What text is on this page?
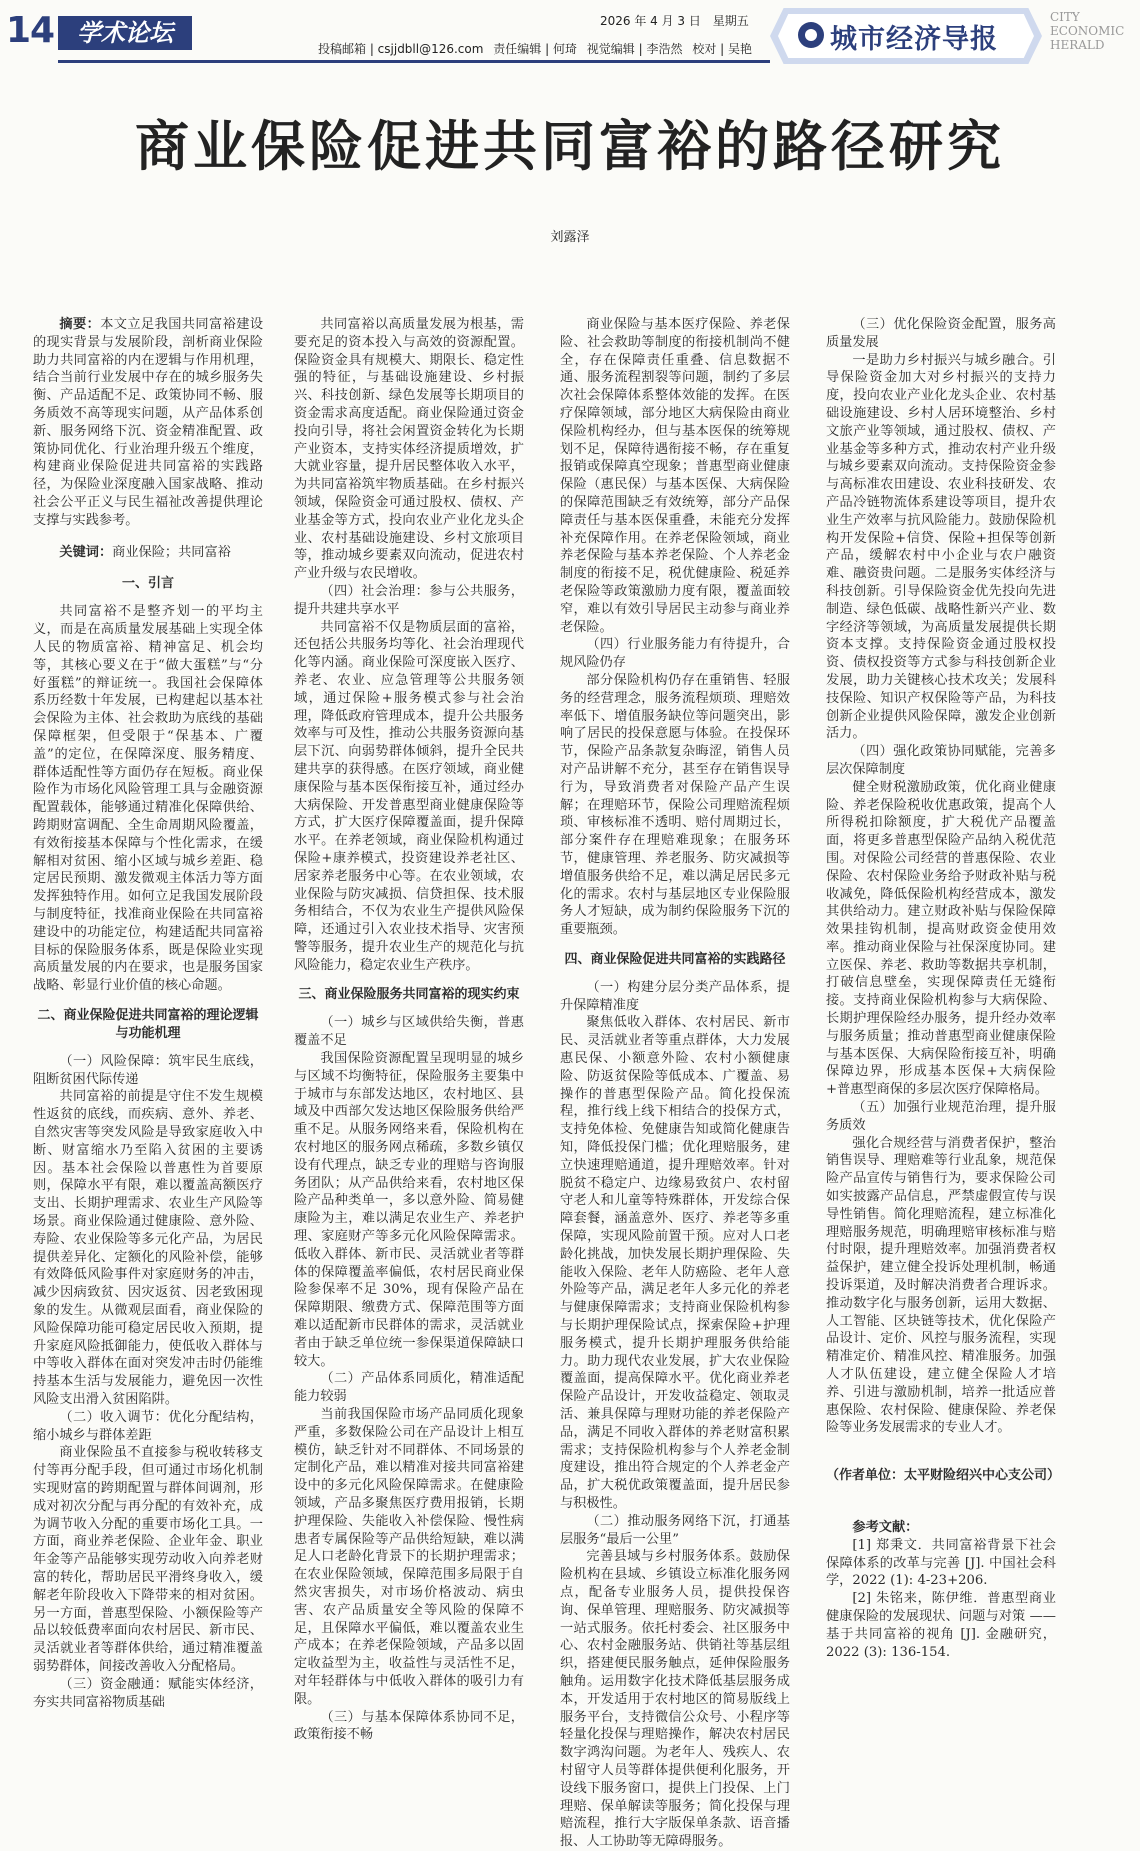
14 学术论坛	2026 年 4 月 3 日 星期五
投稿邮箱 | csjjdbll@126.com 责任编辑 | 何琦 视觉编辑 | 李浩然 校对 | 吴艳	城市经济导报
CITY
ECONOMIC
HERALD
商业保险促进共同富裕的路径研究
刘露泽

摘要：本文立足我国共同富裕建设的现实背景与发展阶段，剖析商业保险助力共同富裕的内在逻辑与作用机理，结合当前行业发展中存在的城乡服务失衡、产品适配不足、政策协同不畅、服务质效不高等现实问题，从产品体系创新、服务网络下沉、资金精准配置、政策协同优化、行业治理升级五个维度，构建商业保险促进共同富裕的实践路径，为保险业深度融入国家战略、推动社会公平正义与民生福祉改善提供理论支撑与实践参考。

关键词：商业保险；共同富裕

一、引言

共同富裕不是整齐划一的平均主义，而是在高质量发展基础上实现全体人民的物质富裕、精神富足、机会均等，其核心要义在于“做大蛋糕”与“分好蛋糕”的辩证统一。我国社会保障体系历经数十年发展，已构建起以基本社会保险为主体、社会救助为底线的基础保障框架，但受限于“保基本、广覆盖”的定位，在保障深度、服务精度、群体适配性等方面仍存在短板。商业保险作为市场化风险管理工具与金融资源配置载体，能够通过精准化保障供给、跨期财富调配、全生命周期风险覆盖，有效衔接基本保障与个性化需求，在缓解相对贫困、缩小区域与城乡差距、稳定居民预期、激发微观主体活力等方面发挥独特作用。如何立足我国发展阶段与制度特征，找准商业保险在共同富裕建设中的功能定位，构建适配共同富裕目标的保险服务体系，既是保险业实现高质量发展的内在要求，也是服务国家战略、彰显行业价值的核心命题。

二、商业保险促进共同富裕的理论逻辑与功能机理
（一）风险保障：筑牢民生底线，阻断贫困代际传递

共同富裕的前提是守住不发生规模性返贫的底线，而疾病、意外、养老、自然灾害等突发风险是导致家庭收入中断、财富缩水乃至陷入贫困的主要诱因。基本社会保险以普惠性为首要原则，保障水平有限，难以覆盖高额医疗支出、长期护理需求、农业生产风险等场景。商业保险通过健康险、意外险、寿险、农业保险等多元化产品，为居民提供差异化、定额化的风险补偿，能够有效降低风险事件对家庭财务的冲击，减少因病致贫、因灾返贫、因老致困现象的发生。从微观层面看，商业保险的风险保障功能可稳定居民收入预期，提升家庭风险抵御能力，使低收入群体与中等收入群体在面对突发冲击时仍能维持基本生活与发展能力，避免因一次性风险支出滑入贫困陷阱。

（二）收入调节：优化分配结构，缩小城乡与群体差距

商业保险虽不直接参与税收转移支付等再分配手段，但可通过市场化机制实现财富的跨期配置与群体间调剂，形成对初次分配与再分配的有效补充，成为调节收入分配的重要市场化工具。一方面，商业养老保险、企业年金、职业年金等产品能够实现劳动收入向养老财富的转化，帮助居民平滑终身收入，缓解老年阶段收入下降带来的相对贫困。另一方面，普惠型保险、小额保险等产品以较低费率面向农村居民、新市民、灵活就业者等群体供给，通过精准覆盖弱势群体，间接改善收入分配格局。

（三）资金融通：赋能实体经济，夯实共同富裕物质基础

共同富裕以高质量发展为根基，需要充足的资本投入与高效的资源配置。保险资金具有规模大、期限长、稳定性强的特征，与基础设施建设、乡村振兴、科技创新、绿色发展等长期项目的资金需求高度适配。商业保险通过资金投向引导，将社会闲置资金转化为长期产业资本，支持实体经济提质增效，扩大就业容量，提升居民整体收入水平，为共同富裕筑牢物质基础。在乡村振兴领域，保险资金可通过股权、债权、产业基金等方式，投向农业产业化龙头企业、农村基础设施建设、乡村文旅项目等，推动城乡要素双向流动，促进农村产业升级与农民增收。

（四）社会治理：参与公共服务，提升共建共享水平

共同富裕不仅是物质层面的富裕，还包括公共服务均等化、社会治理现代化等内涵。商业保险可深度嵌入医疗、养老、农业、应急管理等公共服务领域，通过保险+服务模式参与社会治理，降低政府管理成本，提升公共服务效率与可及性，推动公共服务资源向基层下沉、向弱势群体倾斜，提升全民共建共享的获得感。在医疗领域，商业健康保险与基本医保衔接互补，通过经办大病保险、开发普惠型商业健康保险等方式，扩大医疗保障覆盖面，提升保障水平。在养老领域，商业保险机构通过保险+康养模式，投资建设养老社区、居家养老服务中心等。在农业领域，农业保险与防灾减损、信贷担保、技术服务相结合，不仅为农业生产提供风险保障，还通过引入农业技术指导、灾害预警等服务，提升农业生产的规范化与抗风险能力，稳定农业生产秩序。

三、商业保险服务共同富裕的现实约束
（一）城乡与区域供给失衡，普惠覆盖不足

我国保险资源配置呈现明显的城乡与区域不均衡特征，保险服务主要集中于城市与东部发达地区，农村地区、县域及中西部欠发达地区保险服务供给严重不足。从服务网络来看，保险机构在农村地区的服务网点稀疏，多数乡镇仅设有代理点，缺乏专业的理赔与咨询服务团队；从产品供给来看，农村地区保险产品种类单一，多以意外险、简易健康险为主，难以满足农业生产、养老护理、家庭财产等多元化风险保障需求。低收入群体、新市民、灵活就业者等群体的保障覆盖率偏低，农村居民商业保险参保率不足 30%，现有保险产品在保障期限、缴费方式、保障范围等方面难以适配新市民群体的需求，灵活就业者由于缺乏单位统一参保渠道保障缺口较大。

（二）产品体系同质化，精准适配能力较弱

当前我国保险市场产品同质化现象严重，多数保险公司在产品设计上相互模仿，缺乏针对不同群体、不同场景的定制化产品，难以精准对接共同富裕建设中的多元化风险保障需求。在健康险领域，产品多聚焦医疗费用报销，长期护理保险、失能收入补偿保险、慢性病患者专属保险等产品供给短缺，难以满足人口老龄化背景下的长期护理需求；在农业保险领域，保障范围多局限于自然灾害损失，对市场价格波动、病虫害、农产品质量安全等风险的保障不足，且保障水平偏低，难以覆盖农业生产成本；在养老保险领域，产品多以固定收益型为主，收益性与灵活性不足，对年轻群体与中低收入群体的吸引力有限。

（三）与基本保障体系协同不足，政策衔接不畅

商业保险与基本医疗保险、养老保险、社会救助等制度的衔接机制尚不健全，存在保障责任重叠、信息数据不通、服务流程割裂等问题，制约了多层次社会保障体系整体效能的发挥。在医疗保障领域，部分地区大病保险由商业保险机构经办，但与基本医保的统筹规划不足，保障待遇衔接不畅，存在重复报销或保障真空现象；普惠型商业健康保险（惠民保）与基本医保、大病保险的保障范围缺乏有效统筹，部分产品保障责任与基本医保重叠，未能充分发挥补充保障作用。在养老保险领域，商业养老保险与基本养老保险、个人养老金制度的衔接不足，税优健康险、税延养老保险等政策激励力度有限，覆盖面较窄，难以有效引导居民主动参与商业养老保险。

（四）行业服务能力有待提升，合规风险仍存

部分保险机构仍存在重销售、轻服务的经营理念，服务流程烦琐、理赔效率低下、增值服务缺位等问题突出，影响了居民的投保意愿与体验。在投保环节，保险产品条款复杂晦涩，销售人员对产品讲解不充分，甚至存在销售误导行为，导致消费者对保险产品产生误解；在理赔环节，保险公司理赔流程烦琐、审核标准不透明、赔付周期过长，部分案件存在理赔难现象；在服务环节，健康管理、养老服务、防灾减损等增值服务供给不足，难以满足居民多元化的需求。农村与基层地区专业保险服务人才短缺，成为制约保险服务下沉的重要瓶颈。

四、商业保险促进共同富裕的实践路径
（一）构建分层分类产品体系，提升保障精准度

聚焦低收入群体、农村居民、新市民、灵活就业者等重点群体，大力发展惠民保、小额意外险、农村小额健康险、防返贫保险等低成本、广覆盖、易操作的普惠型保险产品。简化投保流程，推行线上线下相结合的投保方式，支持免体检、免健康告知或简化健康告知，降低投保门槛；优化理赔服务，建立快速理赔通道，提升理赔效率。针对脱贫不稳定户、边缘易致贫户、农村留守老人和儿童等特殊群体，开发综合保障套餐，涵盖意外、医疗、养老等多重保障，实现风险前置干预。应对人口老龄化挑战，加快发展长期护理保险、失能收入保险、老年人防癌险、老年人意外险等产品，满足老年人多元化的养老与健康保障需求；支持商业保险机构参与长期护理保险试点，探索保险+护理服务模式，提升长期护理服务供给能力。助力现代农业发展，扩大农业保险覆盖面，提高保障水平。优化商业养老保险产品设计，开发收益稳定、领取灵活、兼具保障与理财功能的养老保险产品，满足不同收入群体的养老财富积累需求；支持保险机构参与个人养老金制度建设，推出符合规定的个人养老金产品，扩大税优政策覆盖面，提升居民参与积极性。

（二）推动服务网络下沉，打通基层服务“最后一公里”

完善县域与乡村服务体系。鼓励保险机构在县域、乡镇设立标准化服务网点，配备专业服务人员，提供投保咨询、保单管理、理赔服务、防灾减损等一站式服务。依托村委会、社区服务中心、农村金融服务站、供销社等基层组织，搭建便民服务触点，延伸保险服务触角。运用数字化技术降低基层服务成本，开发适用于农村地区的简易版线上服务平台，支持微信公众号、小程序等轻量化投保与理赔操作，解决农村居民数字鸿沟问题。为老年人、残疾人、农村留守人员等群体提供便利化服务，开设线下服务窗口，提供上门投保、上门理赔、保单解读等服务；简化投保与理赔流程，推行大字版保单条款、语音播报、人工协助等无障碍服务。

（三）优化保险资金配置，服务高质量发展

一是助力乡村振兴与城乡融合。引导保险资金加大对乡村振兴的支持力度，投向农业产业化龙头企业、农村基础设施建设、乡村人居环境整治、乡村文旅产业等领域，通过股权、债权、产业基金等多种方式，推动农村产业升级与城乡要素双向流动。支持保险资金参与高标准农田建设、农业科技研发、农产品冷链物流体系建设等项目，提升农业生产效率与抗风险能力。鼓励保险机构开发保险+信贷、保险+担保等创新产品，缓解农村中小企业与农户融资难、融资贵问题。二是服务实体经济与科技创新。引导保险资金优先投向先进制造、绿色低碳、战略性新兴产业、数字经济等领域，为高质量发展提供长期资本支撑。支持保险资金通过股权投资、债权投资等方式参与科技创新企业发展，助力关键核心技术攻关；发展科技保险、知识产权保险等产品，为科技创新企业提供风险保障，激发企业创新活力。

（四）强化政策协同赋能，完善多层次保障制度

健全财税激励政策，优化商业健康险、养老保险税收优惠政策，提高个人所得税扣除额度，扩大税优产品覆盖面，将更多普惠型保险产品纳入税优范围。对保险公司经营的普惠保险、农业保险、农村保险业务给予财政补贴与税收减免，降低保险机构经营成本，激发其供给动力。建立财政补贴与保险保障效果挂钩机制，提高财政资金使用效率。推动商业保险与社保深度协同。建立医保、养老、救助等数据共享机制，打破信息壁垒，实现保障责任无缝衔接。支持商业保险机构参与大病保险、长期护理保险经办服务，提升经办效率与服务质量；推动普惠型商业健康保险与基本医保、大病保险衔接互补，明确保障边界，形成基本医保+大病保险+普惠型商保的多层次医疗保障格局。

（五）加强行业规范治理，提升服务质效

强化合规经营与消费者保护，整治销售误导、理赔难等行业乱象，规范保险产品宣传与销售行为，要求保险公司如实披露产品信息，严禁虚假宣传与误导性销售。简化理赔流程，建立标准化理赔服务规范，明确理赔审核标准与赔付时限，提升理赔效率。加强消费者权益保护，建立健全投诉处理机制，畅通投诉渠道，及时解决消费者合理诉求。推动数字化与服务创新，运用大数据、人工智能、区块链等技术，优化保险产品设计、定价、风控与服务流程，实现精准定价、精准风控、精准服务。加强人才队伍建设，建立健全保险人才培养、引进与激励机制，培养一批适应普惠保险、农村保险、健康保险、养老保险等业务发展需求的专业人才。

（作者单位：太平财险绍兴中心支公司）

参考文献：

[1] 郑秉文．共同富裕背景下社会保障体系的改革与完善 [J]. 中国社会科学，2022 (1): 4-23+206.

[2] 朱铭来，陈伊维．普惠型商业健康保险的发展现状、问题与对策 —— 基于共同富裕的视角 [J]. 金融研究，2022 (3): 136-154.
